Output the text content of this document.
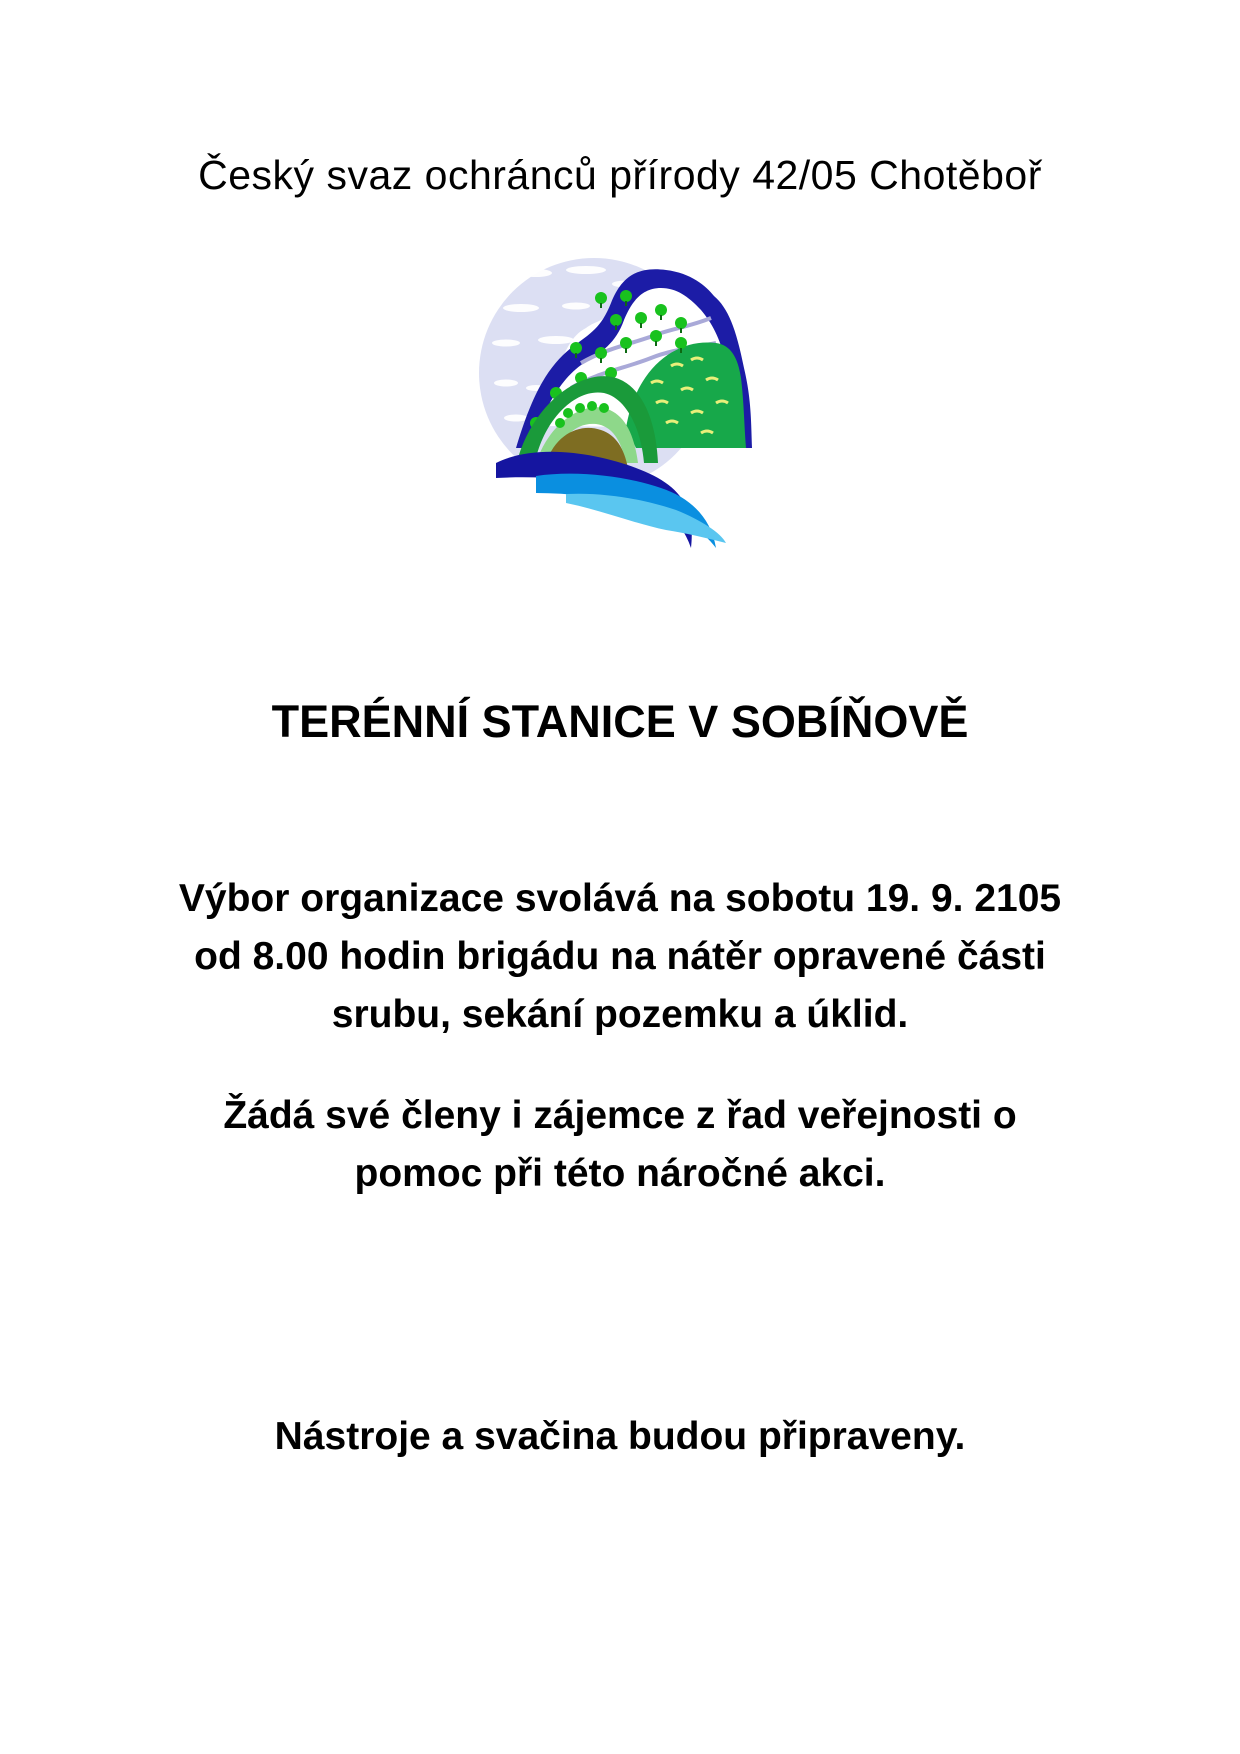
Český svaz ochránců přírody 42/05 Chotěboř
TERÉNNÍ STANICE V SOBÍŇOVĚ

Výbor organizace svolává na sobotu 19. 9. 2105
od 8.00 hodin brigádu na nátěr opravené části
srubu, sekání pozemku a úklid.

Žádá své členy i zájemce z řad veřejnosti o
pomoc při této náročné akci.

Nástroje a svačina budou připraveny.
